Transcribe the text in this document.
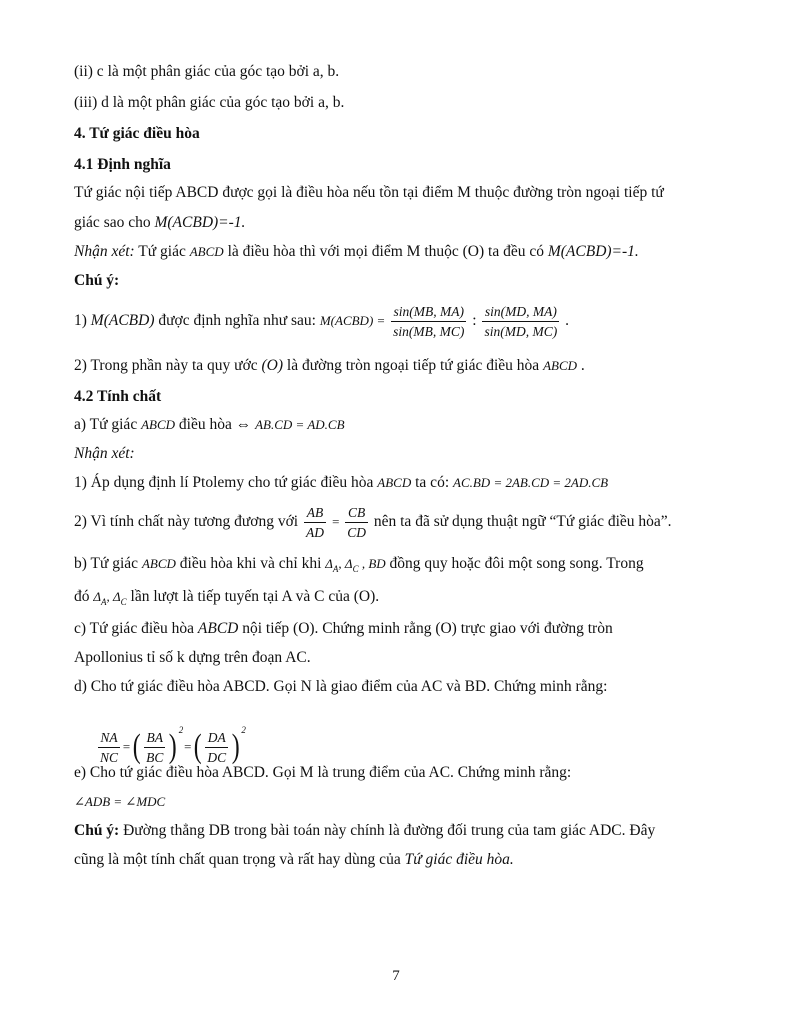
(ii) c là một phân giác của góc tạo bởi a, b.
(iii) d là một phân giác của góc tạo bởi a, b.
4. Tứ giác điều hòa
4.1 Định nghĩa
Tứ giác nội tiếp ABCD được gọi là điều hòa nếu tồn tại điểm M thuộc đường tròn ngoại tiếp tứ
giác sao cho M(ACBD)=-1.
Nhận xét: Tứ giác ABCD là điều hòa thì với mọi điểm M thuộc (O) ta đều có M(ACBD)=-1.
Chú ý:
1) M(ACBD) được định nghĩa như sau: M(ACBD) = $\frac{\sin(MB, MA)}{\sin(MB, MC)}$ : $\frac{\sin(MD, MA)}{\sin(MD, MC)}$ .
2) Trong phần này ta quy ước (O) là đường tròn ngoại tiếp tứ giác điều hòa ABCD .
4.2 Tính chất
a) Tứ giác ABCD điều hòa ⇔ AB.CD = AD.CB
Nhận xét:
1) Áp dụng định lí Ptolemy cho tứ giác điều hòa ABCD ta có: AC.BD = 2AB.CD = 2AD.CB
2) Vì tính chất này tương đương với $\frac{AB}{AD} = \frac{CB}{CD}$ nên ta đã sử dụng thuật ngữ “Tứ giác điều hòa”.
b) Tứ giác ABCD điều hòa khi và chỉ khi $\Delta_A$, $\Delta_C$ , BD đồng quy hoặc đôi một song song. Trong
đó $\Delta_A$, $\Delta_C$ lần lượt là tiếp tuyến tại A và C của (O).
c) Tứ giác điều hòa ABCD nội tiếp (O). Chứng minh rằng (O) trực giao với đường tròn
Apollonius tỉ số k dựng trên đoạn AC.
d) Cho tứ giác điều hòa ABCD. Gọi N là giao điểm của AC và BD. Chứng minh rằng:
$\frac{NA}{NC}$ =( $\frac{BA}{BC}$ ) $^2=( \frac{DA}{DC}$ ) $^2$
e) Cho tứ giác điều hòa ABCD. Gọi M là trung điểm của AC. Chứng minh rằng:
∠ADB = ∠MDC
Chú ý: Đường thẳng DB trong bài toán này chính là đường đối trung của tam giác ADC. Đây
cũng là một tính chất quan trọng và rất hay dùng của Tứ giác điều hòa.
7
